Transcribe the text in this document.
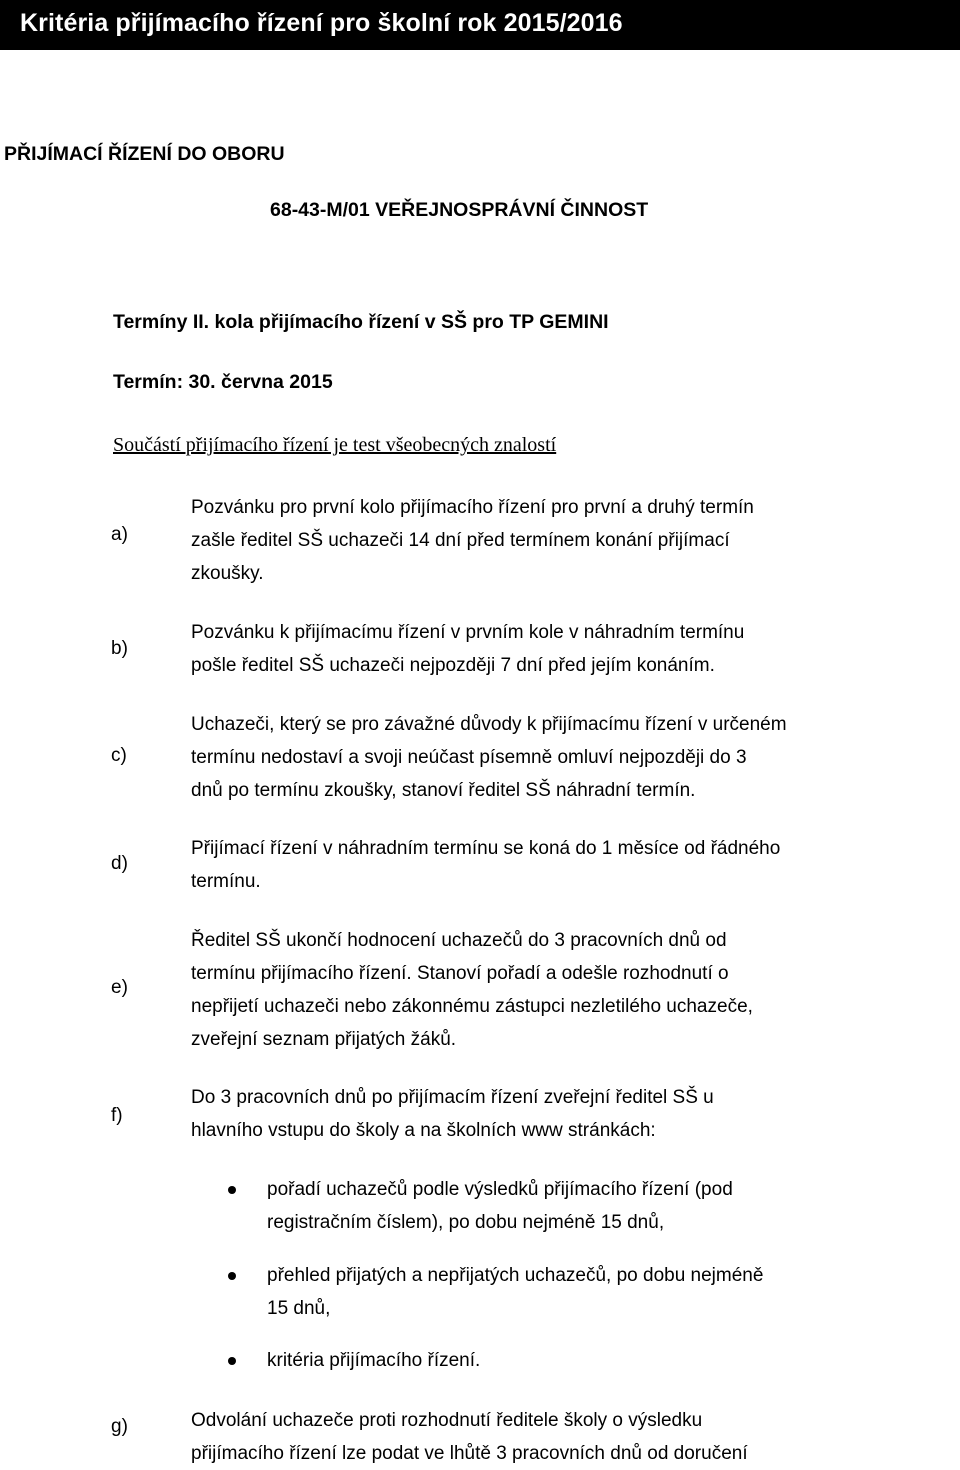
Kritéria přijímacího řízení pro školní rok 2015/2016
PŘIJÍMACÍ ŘÍZENÍ DO OBORU
68-43-M/01 VEŘEJNOSPRÁVNÍ ČINNOST
Termíny II. kola přijímacího řízení v SŠ pro TP GEMINI
Termín: 30. června 2015
Součástí přijímacího řízení je test všeobecných znalostí
a)
Pozvánku pro první kolo přijímacího řízení pro první a druhý termín
zašle ředitel SŠ uchazeči 14 dní před termínem konání přijímací
zkoušky.
b)
Pozvánku k přijímacímu řízení v prvním kole v náhradním termínu
pošle ředitel SŠ uchazeči nejpozději 7 dní před jejím konáním.
c)
Uchazeči, který se pro závažné důvody k přijímacímu řízení v určeném
termínu nedostaví a svoji neúčast písemně omluví nejpozději do 3
dnů po termínu zkoušky, stanoví ředitel SŠ náhradní termín.
d)
Přijímací řízení v náhradním termínu se koná do 1 měsíce od řádného
termínu.
e)
Ředitel SŠ ukončí hodnocení uchazečů do 3 pracovních dnů od
termínu přijímacího řízení. Stanoví pořadí a odešle rozhodnutí o
nepřijetí uchazeči nebo zákonnému zástupci nezletilého uchazeče,
zveřejní seznam přijatých žáků.
f)
Do 3 pracovních dnů po přijímacím řízení zveřejní ředitel SŠ u
hlavního vstupu do školy a na školních www stránkách:
pořadí uchazečů podle výsledků přijímacího řízení (pod
registračním číslem), po dobu nejméně 15 dnů,
přehled přijatých a nepřijatých uchazečů, po dobu nejméně
15 dnů,
kritéria přijímacího řízení.
g)	Odvolání uchazeče proti rozhodnutí ředitele školy o výsledku
přijímacího řízení lze podat ve lhůtě 3 pracovních dnů od doručení
